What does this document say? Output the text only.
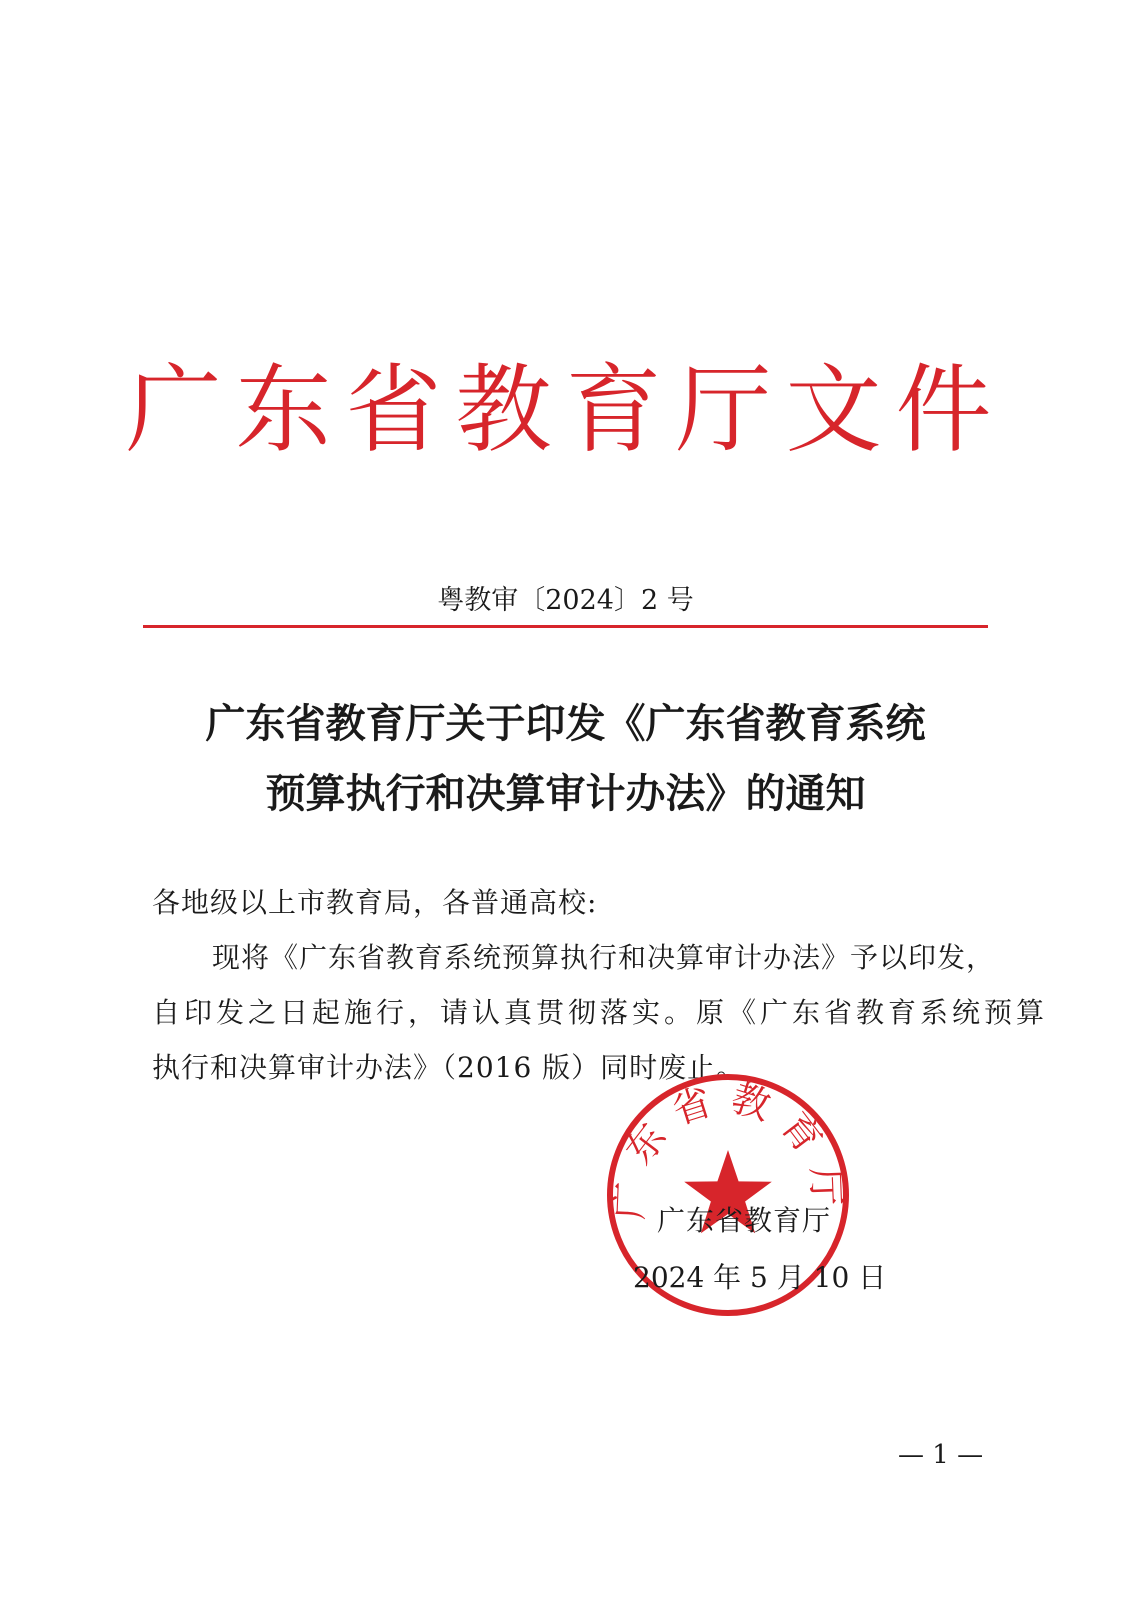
广东省教育厅文件
粤教审〔2024〕2 号
广东省教育厅关于印发《广东省教育系统
预算执行和决算审计办法》的通知
各地级以上市教育局，各普通高校:
现将《广东省教育系统预算执行和决算审计办法》予以印发，
自印发之日起施行，请认真贯彻落实。原《广东省教育系统预算
执行和决算审计办法》（2016 版）同时废止。
广东省教育厅
广东省教育厅
2024 年 5 月 10 日
— 1 —
